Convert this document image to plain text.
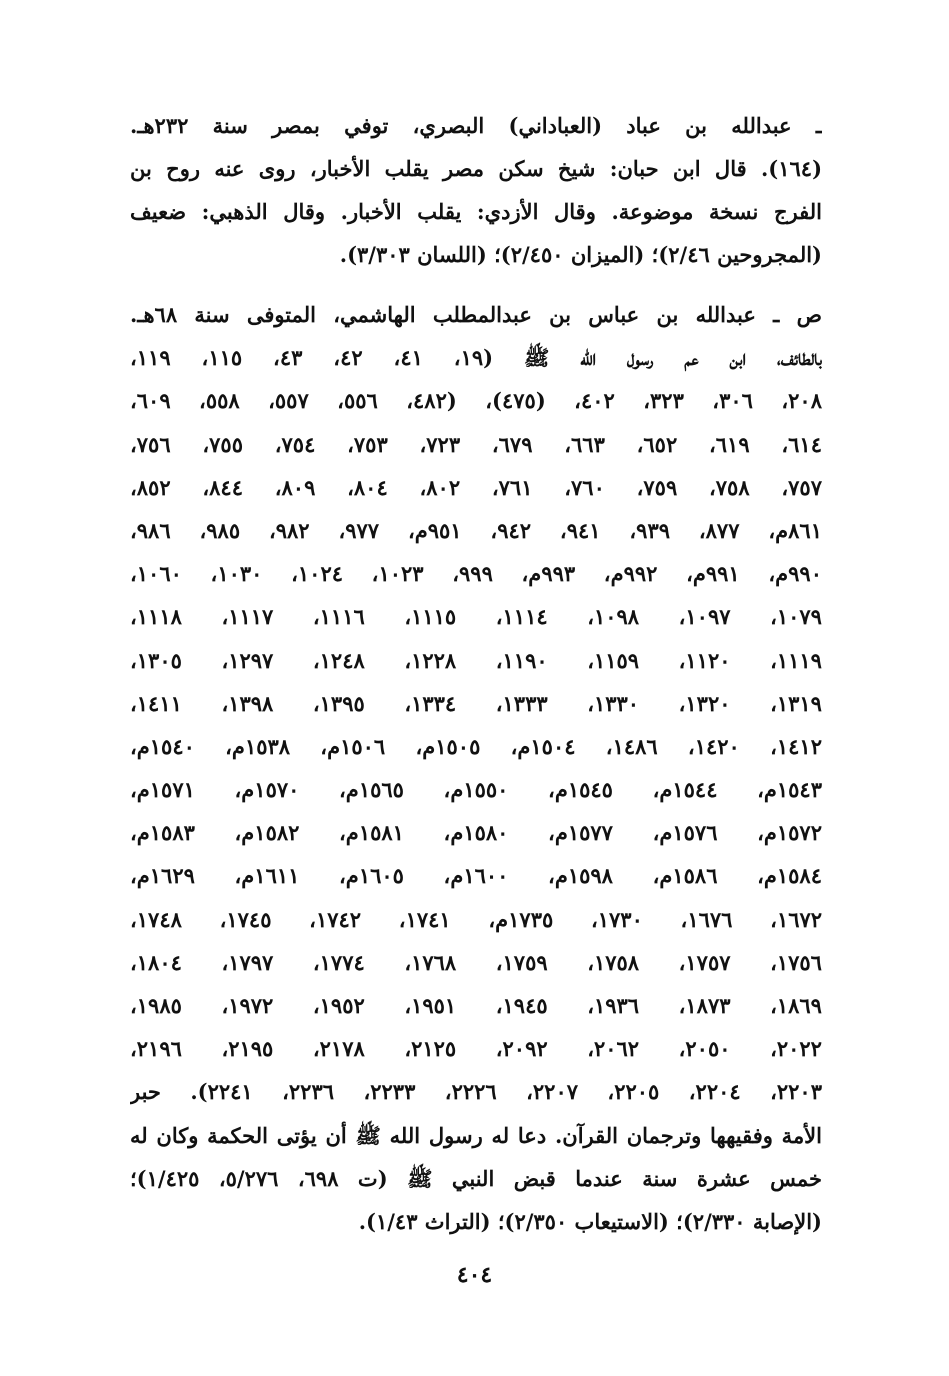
ـ عبدالله بن عباد (العباداني) البصري، توفي بمصر سنة ٢٣٢هـ.
(١٦٤). قال ابن حبان: شيخ سكن مصر يقلب الأخبار، روى عنه روح بن
الفرج نسخة موضوعة. وقال الأزدي: يقلب الأخبار. وقال الذهبي: ضعيف
(المجروحين ٢/٤٦)؛ (الميزان ٢/٤٥٠)؛ (اللسان ٣/٣٠٣).
ص ـ عبدالله بن عباس بن عبدالمطلب الهاشمي، المتوفى سنة ٦٨هـ.
بالطائف، ابن عم رسول الله ﷺ (١٩، ٤١، ٤٢، ٤٣، ١١٥، ١١٩،
٢٠٨، ٣٠٦، ٣٢٣، ٤٠٢، (٤٧٥)، (٤٨٢، ٥٥٦، ٥٥٧، ٥٥٨، ٦٠٩،
٦١٤، ٦١٩، ٦٥٢، ٦٦٣، ٦٧٩، ٧٢٣، ٧٥٣، ٧٥٤، ٧٥٥، ٧٥٦،
٧٥٧، ٧٥٨، ٧٥٩، ٧٦٠، ٧٦١، ٨٠٢، ٨٠٤، ٨٠٩، ٨٤٤، ٨٥٢،
٨٦١م، ٨٧٧، ٩٣٩، ٩٤١، ٩٤٢، ٩٥١م، ٩٧٧، ٩٨٢، ٩٨٥، ٩٨٦،
٩٩٠م، ٩٩١م، ٩٩٢م، ٩٩٣م، ٩٩٩، ١٠٢٣، ١٠٢٤، ١٠٣٠، ١٠٦٠،
١٠٧٩، ١٠٩٧، ١٠٩٨، ١١١٤، ١١١٥، ١١١٦، ١١١٧، ١١١٨،
١١١٩، ١١٢٠، ١١٥٩، ١١٩٠، ١٢٢٨، ١٢٤٨، ١٢٩٧، ١٣٠٥،
١٣١٩، ١٣٢٠، ١٣٣٠، ١٣٣٣، ١٣٣٤، ١٣٩٥، ١٣٩٨، ١٤١١،
١٤١٢، ١٤٢٠، ١٤٨٦، ١٥٠٤م، ١٥٠٥م، ١٥٠٦م، ١٥٣٨م، ١٥٤٠م،
١٥٤٣م، ١٥٤٤م، ١٥٤٥م، ١٥٥٠م، ١٥٦٥م، ١٥٧٠م، ١٥٧١م،
١٥٧٢م، ١٥٧٦م، ١٥٧٧م، ١٥٨٠م، ١٥٨١م، ١٥٨٢م، ١٥٨٣م،
١٥٨٤م، ١٥٨٦م، ١٥٩٨م، ١٦٠٠م، ١٦٠٥م، ١٦١١م، ١٦٢٩م،
١٦٧٢، ١٦٧٦، ١٧٣٠، ١٧٣٥م، ١٧٤١، ١٧٤٢، ١٧٤٥، ١٧٤٨،
١٧٥٦، ١٧٥٧، ١٧٥٨، ١٧٥٩، ١٧٦٨، ١٧٧٤، ١٧٩٧، ١٨٠٤،
١٨٦٩، ١٨٧٣، ١٩٣٦، ١٩٤٥، ١٩٥١، ١٩٥٢، ١٩٧٢، ١٩٨٥،
٢٠٢٢، ٢٠٥٠، ٢٠٦٢، ٢٠٩٢، ٢١٢٥، ٢١٧٨، ٢١٩٥، ٢١٩٦،
٢٢٠٣، ٢٢٠٤، ٢٢٠٥، ٢٢٠٧، ٢٢٢٦، ٢٢٣٣، ٢٢٣٦، ٢٢٤١). حبر
الأمة وفقيهها وترجمان القرآن. دعا له رسول الله ﷺ أن يؤتى الحكمة وكان له
خمس عشرة سنة عندما قبض النبي ﷺ (ت ٦٩٨، ٥/٢٧٦، ١/٤٢٥)؛
(الإصابة ٢/٣٣٠)؛ (الاستيعاب ٢/٣٥٠)؛ (التراث ١/٤٣).
٤٠٤
